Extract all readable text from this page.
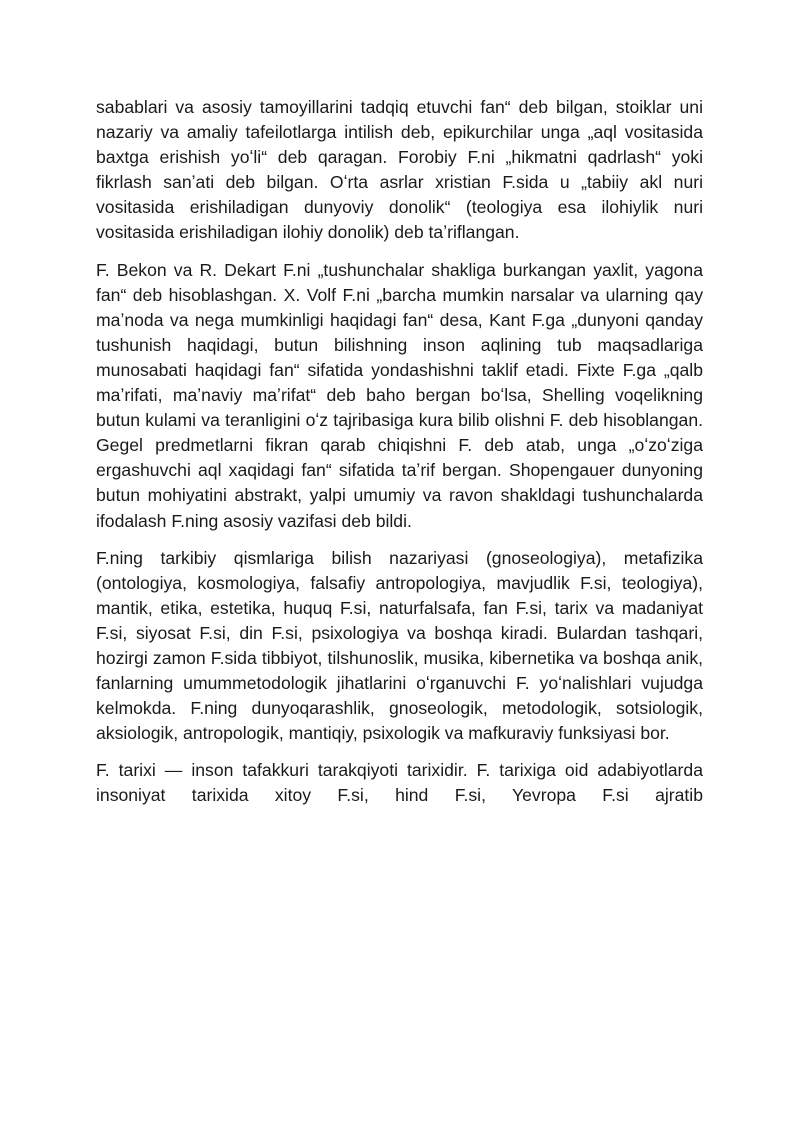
sabablari va asosiy tamoyillarini tadqiq etuvchi fan“ deb bilgan, stoiklar uni nazariy va amaliy tafeilotlarga intilish deb, epikurchilar unga „aql vositasida baxtga erishish yoʻli“ deb qaragan. Forobiy F.ni „hikmatni qadrlash“ yoki fikrlash sanʼati deb bilgan. Oʻrta asrlar xristian F.sida u „tabiiy akl nuri vositasida erishiladigan dunyoviy donolik“ (teologiya esa ilohiylik nuri vositasida erishiladigan ilohiy donolik) deb taʼriflangan.

F. Bekon va R. Dekart F.ni „tushunchalar shakliga burkangan yaxlit, yagona fan“ deb hisoblashgan. X. Volf F.ni „barcha mumkin narsalar va ularning qay maʼnoda va nega mumkinligi haqidagi fan“ desa, Kant F.ga „dunyoni qanday tushunish haqidagi, butun bilishning inson aqlining tub maqsadlariga munosabati haqidagi fan“ sifatida yondashishni taklif etadi. Fixte F.ga „qalb maʼrifati, maʼnaviy maʼrifat“ deb baho bergan boʻlsa, Shelling voqelikning butun kulami va teranligini oʻz tajribasiga kura bilib olishni F. deb hisoblangan. Gegel predmetlarni fikran qarab chiqishni F. deb atab, unga „oʻzoʻziga ergashuvchi aql xaqidagi fan“ sifatida taʼrif bergan. Shopengauer dunyoning butun mohiyatini abstrakt, yalpi umumiy va ravon shakldagi tushunchalarda ifodalash F.ning asosiy vazifasi deb bildi.

F.ning tarkibiy qismlariga bilish nazariyasi (gnoseologiya), metafizika (ontologiya, kosmologiya, falsafiy antropologiya, mavjudlik F.si, teologiya), mantik, etika, estetika, huquq F.si, naturfalsafa, fan F.si, tarix va madaniyat F.si, siyosat F.si, din F.si, psixologiya va boshqa kiradi. Bulardan tashqari, hozirgi zamon F.sida tibbiyot, tilshunoslik, musika, kibernetika va boshqa anik, fanlarning umummetodologik jihatlarini oʻrganuvchi F. yoʻnalishlari vujudga kelmokda. F.ning dunyoqarashlik, gnoseologik, metodologik, sotsiologik, aksiologik, antropologik, mantiqiy, psixologik va mafkuraviy funksiyasi bor.

F. tarixi — inson tafakkuri tarakqiyoti tarixidir. F. tarixiga oid adabiyotlarda insoniyat tarixida xitoy F.si, hind F.si, Yevropa F.si ajratib
